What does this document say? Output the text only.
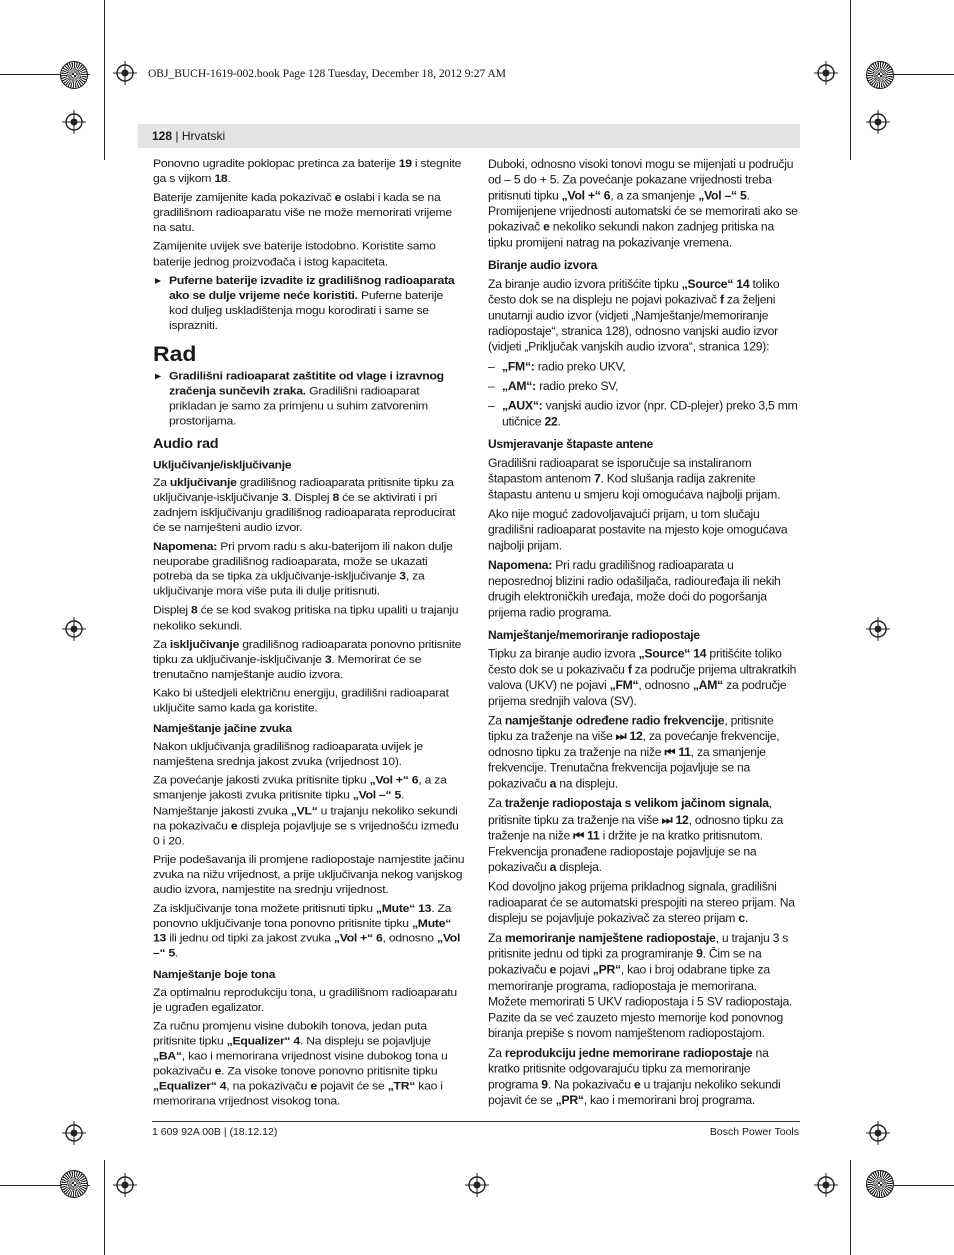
OBJ_BUCH-1619-002.book Page 128 Tuesday, December 18, 2012 9:27 AM
128 | Hrvatski

Ponovno ugradite poklopac pretinca za baterije 19 i stegnite ga s vijkom 18.

Baterije zamijenite kada pokazivač e oslabi i kada se na gradilišnom radioaparatu više ne može memorirati vrijeme na satu.

Zamijenite uvijek sve baterije istodobno. Koristite samo baterije jednog proizvođača i istog kapaciteta.

▶ Puferne baterije izvadite iz gradilišnog radioaparata ako se dulje vrijeme neće koristiti. Puferne baterije kod duljeg uskladištenja mogu korodirati i same se isprazniti.

Rad

▶ Gradilišni radioaparat zaštitite od vlage i izravnog zračenja sunčevih zraka. Gradilišni radioaparat prikladan je samo za primjenu u suhim zatvorenim prostorijama.

Audio rad
Uključivanje/isključivanje

Za uključivanje gradilišnog radioaparata pritisnite tipku za uključivanje-isključivanje 3. Displej 8 će se aktivirati i pri zadnjem isključivanju gradilišnog radioaparata reproducirat će se namješteni audio izvor.

Napomena: Pri prvom radu s aku-baterijom ili nakon dulje neuporabe gradilišnog radioaparata, može se ukazati potreba da se tipka za uključivanje-isključivanje 3, za uključivanje mora više puta ili dulje pritisnuti.

Displej 8 će se kod svakog pritiska na tipku upaliti u trajanju nekoliko sekundi.

Za isključivanje gradilišnog radioaparata ponovno pritisnite tipku za uključivanje-isključivanje 3. Memorirat će se trenutačno namještanje audio izvora.

Kako bi uštedjeli električnu energiju, gradilišni radioaparat uključite samo kada ga koristite.

Namještanje jačine zvuka

Nakon uključivanja gradilišnog radioaparata uvijek je namještena srednja jakost zvuka (vrijednost 10).

Za povećanje jakosti zvuka pritisnite tipku „Vol +“ 6, a za smanjenje jakosti zvuka pritisnite tipku „Vol –“ 5. Namještanje jakosti zvuka „VL“ u trajanju nekoliko sekundi na pokazivaču e displeja pojavljuje se s vrijednošću između 0 i 20.

Prije podešavanja ili promjene radiopostaje namjestite jačinu zvuka na nižu vrijednost, a prije uključivanja nekog vanjskog audio izvora, namjestite na srednju vrijednost.

Za isključivanje tona možete pritisnuti tipku „Mute“ 13. Za ponovno uključivanje tona ponovno pritisnite tipku „Mute“ 13 ili jednu od tipki za jakost zvuka „Vol +“ 6, odnosno „Vol –“ 5.

Namještanje boje tona

Za optimalnu reprodukciju tona, u gradilišnom radioaparatu je ugrađen egalizator.

Za ručnu promjenu visine dubokih tonova, jedan puta pritisnite tipku „Equalizer“ 4. Na displeju se pojavljuje „BA“, kao i memorirana vrijednost visine dubokog tona u pokazivaču e. Za visoke tonove ponovno pritisnite tipku „Equalizer“ 4, na pokazivaču e pojavit će se „TR“ kao i memorirana vrijednost visokog tona.

Duboki, odnosno visoki tonovi mogu se mijenjati u području od – 5 do + 5. Za povećanje pokazane vrijednosti treba pritisnuti tipku „Vol +“ 6, a za smanjenje „Vol –“ 5. Promijenjene vrijednosti automatski će se memorirati ako se pokazivač e nekoliko sekundi nakon zadnjeg pritiska na tipku promijeni natrag na pokazivanje vremena.

Biranje audio izvora

Za biranje audio izvora pritišćite tipku „Source“ 14 toliko često dok se na displeju ne pojavi pokazivač f za željeni unutarnji audio izvor (vidjeti „Namještanje/memoriranje radiopostaje“, stranica 128), odnosno vanjski audio izvor (vidjeti „Priključak vanjskih audio izvora“, stranica 129):

– „FM“: radio preko UKV,

– „AM“: radio preko SV,

– „AUX“: vanjski audio izvor (npr. CD-plejer) preko 3,5 mm utičnice 22.

Usmjeravanje štapaste antene

Gradilišni radioaparat se isporučuje sa instaliranom štapastom antenom 7. Kod slušanja radija zakrenite štapastu antenu u smjeru koji omogućava najbolji prijam.

Ako nije moguć zadovoljavajući prijam, u tom slučaju gradilišni radioaparat postavite na mjesto koje omogućava najbolji prijam.

Napomena: Pri radu gradilišnog radioaparata u neposrednoj blizini radio odašiljača, radiouređaja ili nekih drugih elektroničkih uređaja, može doći do pogoršanja prijema radio programa.

Namještanje/memoriranje radiopostaje

Tipku za biranje audio izvora „Source“ 14 pritišćite toliko često dok se u pokazivaču f za područje prijema ultrakratkih valova (UKV) ne pojavi „FM“, odnosno „AM“ za područje prijema srednjih valova (SV).

Za namještanje određene radio frekvencije, pritisnite tipku za traženje na više ⏭ 12, za povećanje frekvencije, odnosno tipku za traženje na niže ⏮ 11, za smanjenje frekvencije. Trenutačna frekvencija pojavljuje se na pokazivaču a na displeju.

Za traženje radiopostaja s velikom jačinom signala, pritisnite tipku za traženje na više ⏭ 12, odnosno tipku za traženje na niže ⏮ 11 i držite je na kratko pritisnutom. Frekvencija pronađene radiopostaje pojavljuje se na pokazivaču a displeja.

Kod dovoljno jakog prijema prikladnog signala, gradilišni radioaparat će se automatski prespojiti na stereo prijam. Na displeju se pojavljuje pokazivač za stereo prijam c.

Za memoriranje namještene radiopostaje, u trajanju 3 s pritisnite jednu od tipki za programiranje 9. Čim se na pokazivaču e pojavi „PR“, kao i broj odabrane tipke za memoriranje programa, radiopostaja je memorirana.
Možete memorirati 5 UKV radiopostaja i 5 SV radiopostaja. Pazite da se već zauzeto mjesto memorije kod ponovnog biranja prepiše s novom namještenom radiopostajom.

Za reprodukciju jedne memorirane radiopostaje na kratko pritisnite odgovarajuću tipku za memoriranje programa 9. Na pokazivaču e u trajanju nekoliko sekundi pojavit će se „PR“, kao i memorirani broj programa.

1 609 92A 00B | (18.12.12)	Bosch Power Tools
